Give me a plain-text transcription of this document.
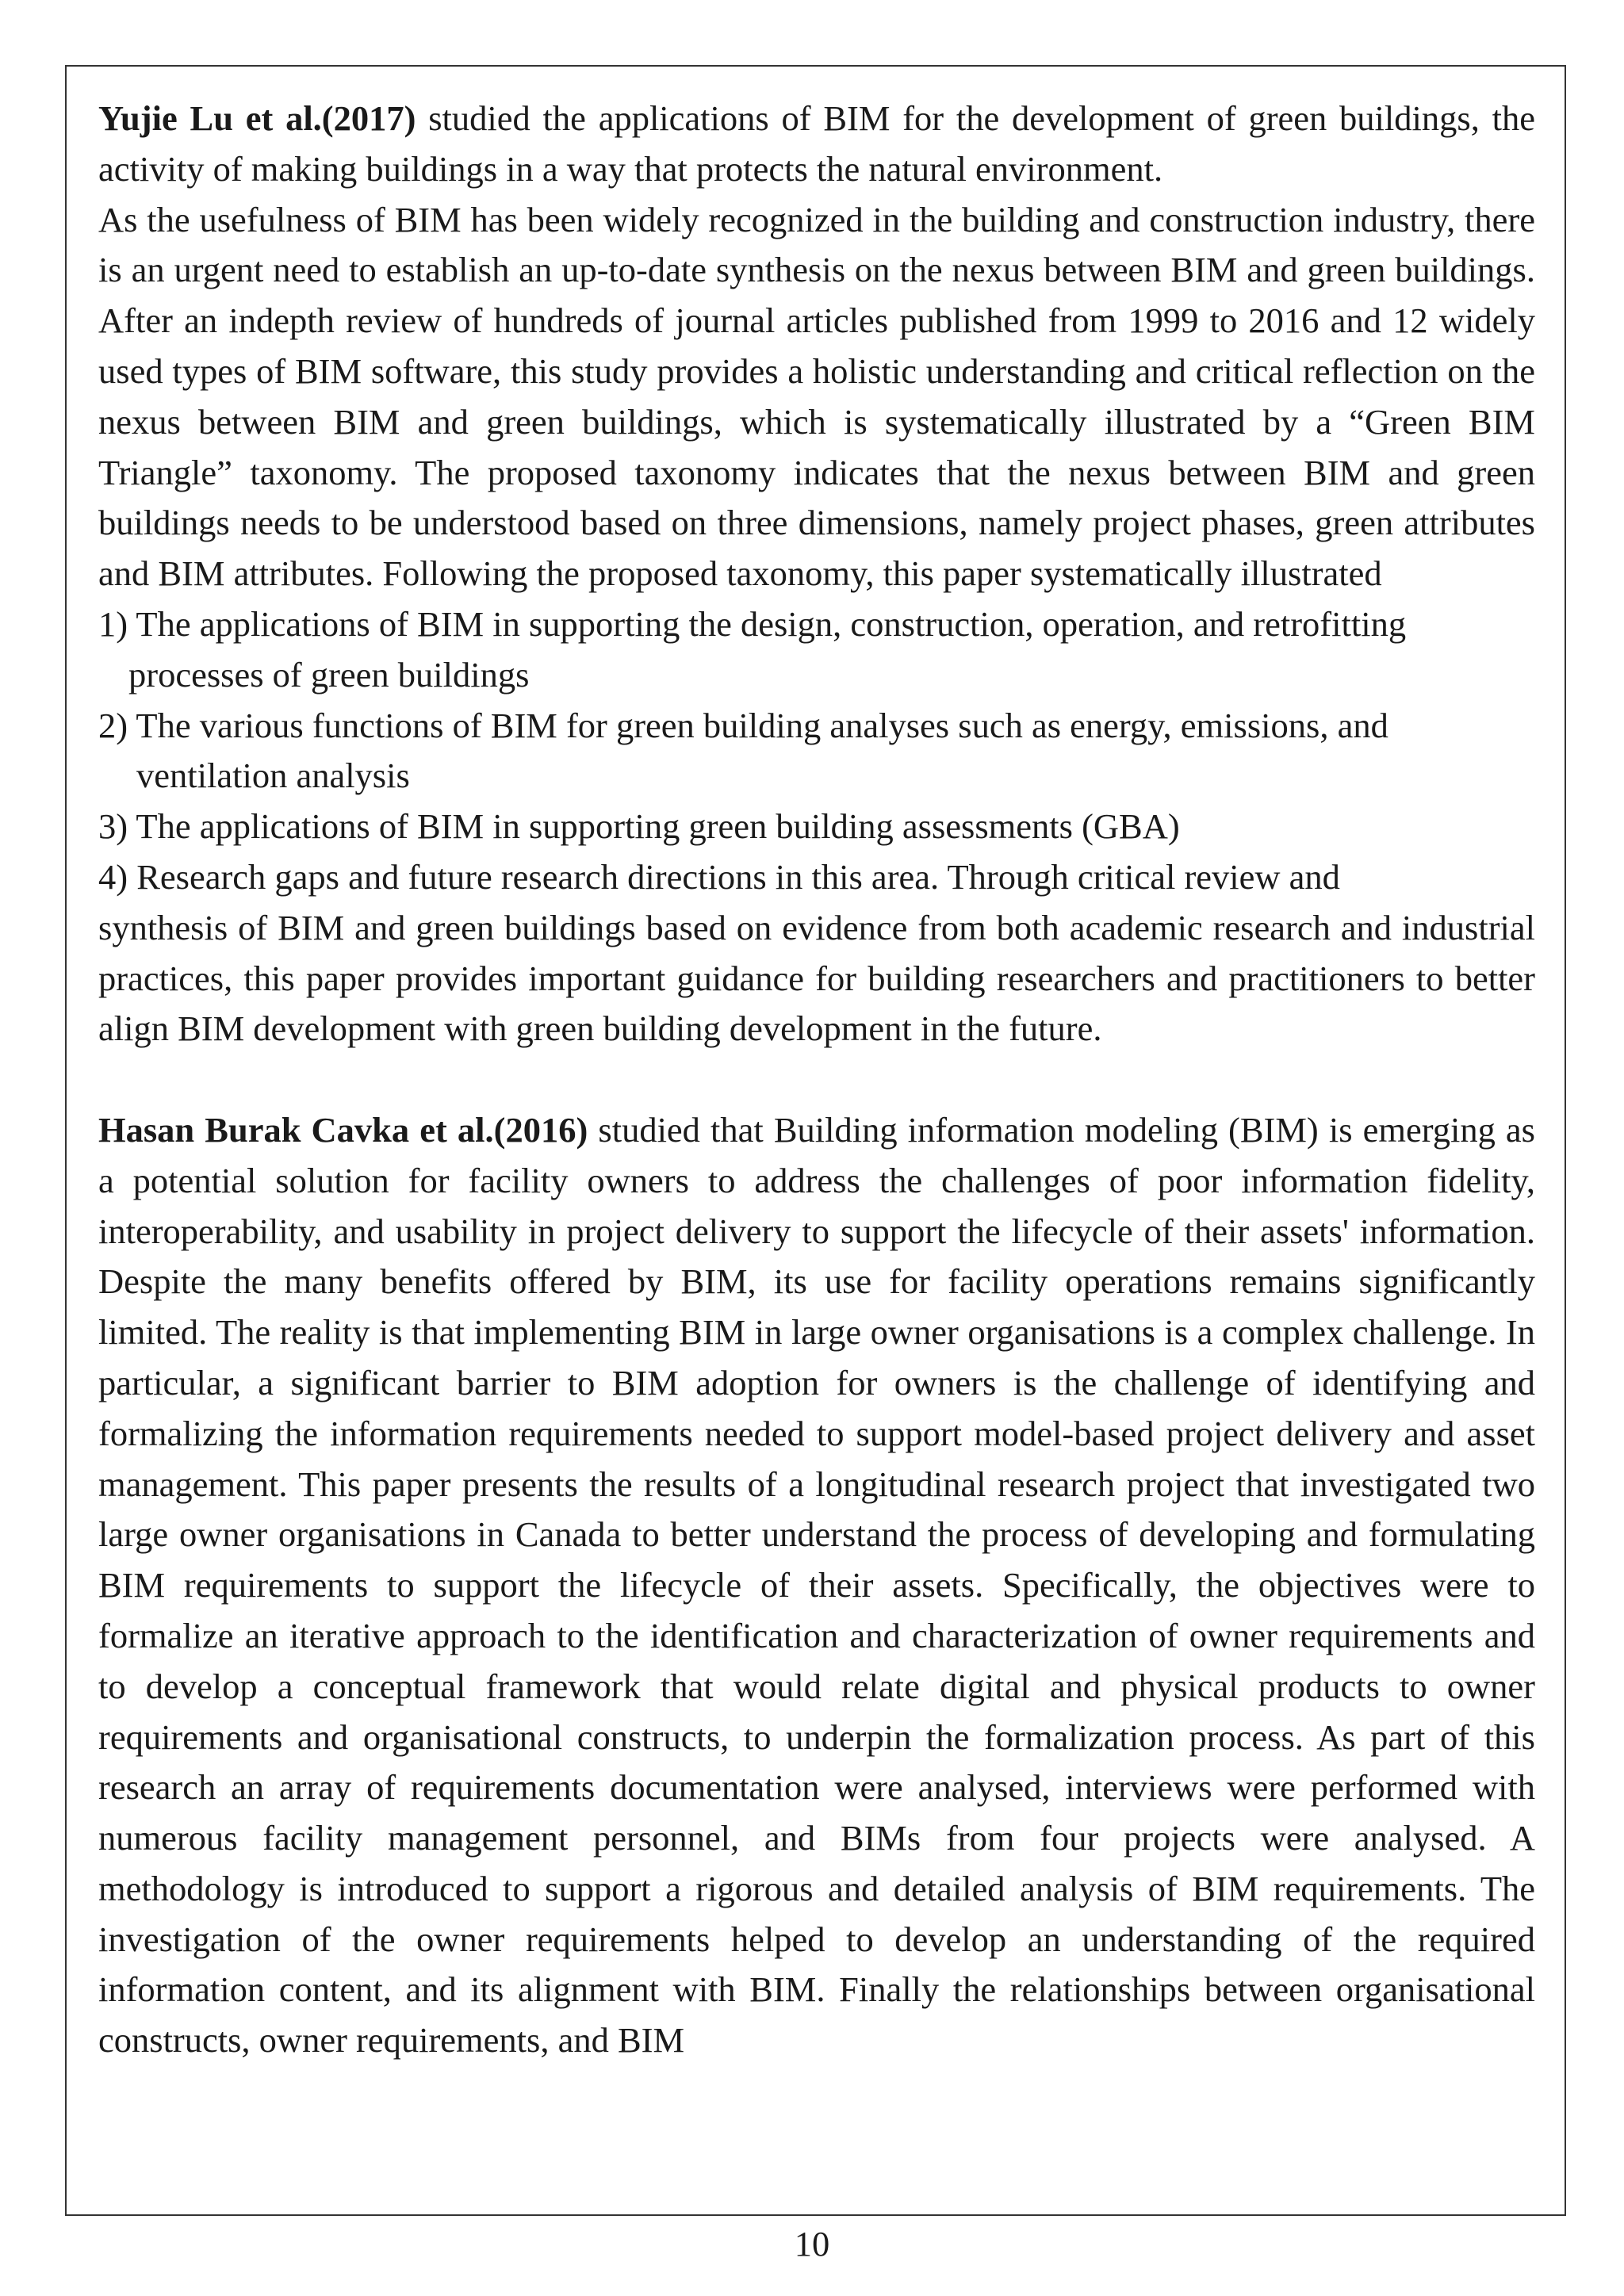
Yujie Lu et al.(2017) studied the applications of BIM for the development of green buildings, the activity of making buildings in a way that protects the natural environment.

As the usefulness of BIM has been widely recognized in the building and construction industry, there is an urgent need to establish an up-to-date synthesis on the nexus between BIM and green buildings. After an indepth review of hundreds of journal articles published from 1999 to 2016 and 12 widely used types of BIM software, this study provides a holistic understanding and critical reflection on the nexus between BIM and green buildings, which is systematically illustrated by a “Green BIM Triangle” taxonomy. The proposed taxonomy indicates that the nexus between BIM and green buildings needs to be understood based on three dimensions, namely project phases, green attributes and BIM attributes. Following the proposed taxonomy, this paper systematically illustrated

1) The applications of BIM in supporting the design, construction, operation, and retrofitting processes of green buildings

2) The various functions of BIM for green building analyses such as energy, emissions, and ventilation analysis

3) The applications of BIM in supporting green building assessments (GBA)

4) Research gaps and future research directions in this area. Through critical review and

synthesis of BIM and green buildings based on evidence from both academic research and industrial practices, this paper provides important guidance for building researchers and practitioners to better align BIM development with green building development in the future.

Hasan Burak Cavka et al.(2016) studied that Building information modeling (BIM) is emerging as a potential solution for facility owners to address the challenges of poor information fidelity, interoperability, and usability in project delivery to support the lifecycle of their assets' information. Despite the many benefits offered by BIM, its use for facility operations remains significantly limited. The reality is that implementing BIM in large owner organisations is a complex challenge. In particular, a significant barrier to BIM adoption for owners is the challenge of identifying and formalizing the information requirements needed to support model-based project delivery and asset management. This paper presents the results of a longitudinal research project that investigated two large owner organisations in Canada to better understand the process of developing and formulating BIM requirements to support the lifecycle of their assets. Specifically, the objectives were to formalize an iterative approach to the identification and characterization of owner requirements and to develop a conceptual framework that would relate digital and physical products to owner requirements and organisational constructs, to underpin the formalization process. As part of this research an array of requirements documentation were analysed, interviews were performed with numerous facility management personnel, and BIMs from four projects were analysed. A methodology is introduced to support a rigorous and detailed analysis of BIM requirements. The investigation of the owner requirements helped to develop an understanding of the required information content, and its alignment with BIM. Finally the relationships between organisational constructs, owner requirements, and BIM

10
